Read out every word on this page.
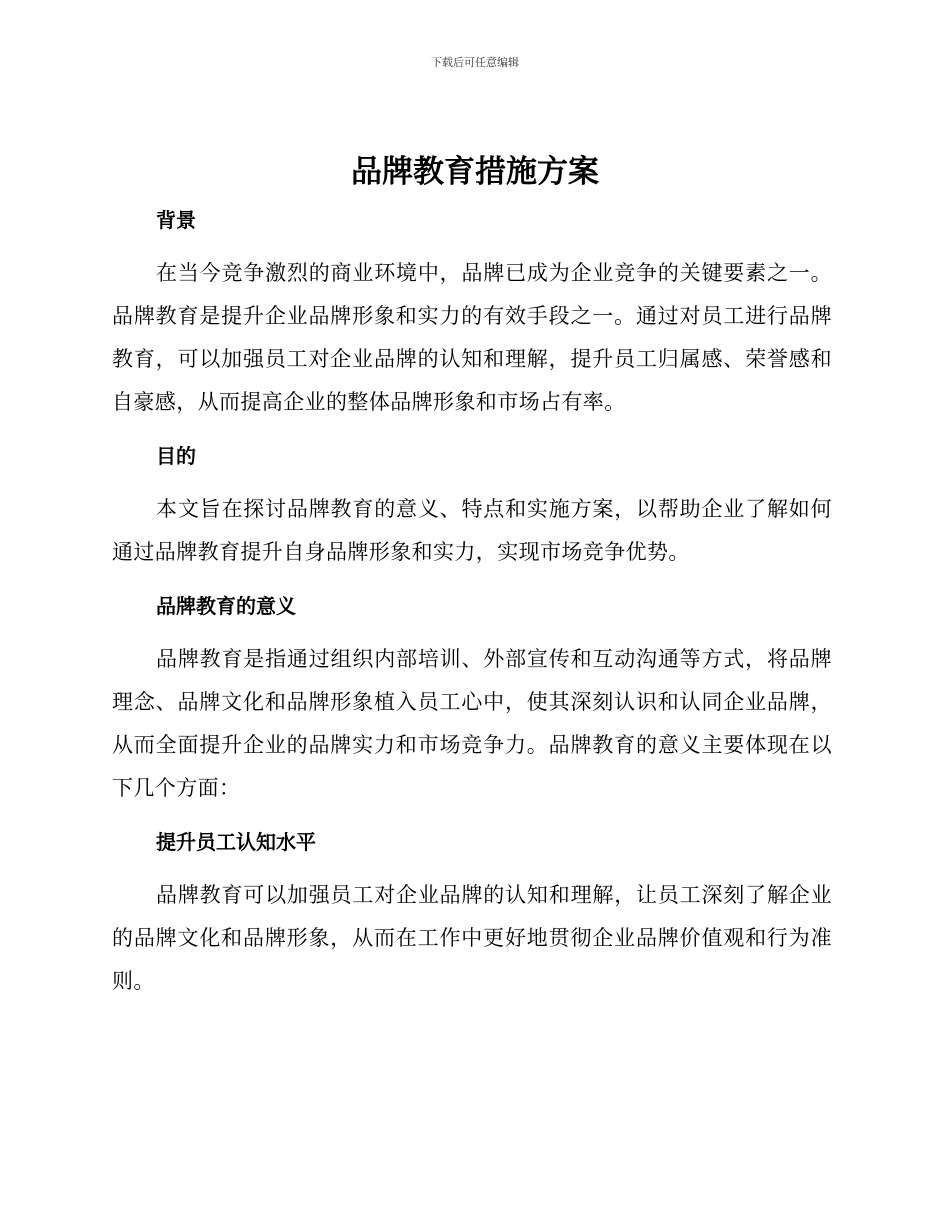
下载后可任意编辑
品牌教育措施方案
背景

在当今竞争激烈的商业环境中，品牌已成为企业竞争的关键要素之一。品牌教育是提升企业品牌形象和实力的有效手段之一。通过对员工进行品牌教育，可以加强员工对企业品牌的认知和理解，提升员工归属感、荣誉感和自豪感，从而提高企业的整体品牌形象和市场占有率。

目的

本文旨在探讨品牌教育的意义、特点和实施方案，以帮助企业了解如何通过品牌教育提升自身品牌形象和实力，实现市场竞争优势。

品牌教育的意义

品牌教育是指通过组织内部培训、外部宣传和互动沟通等方式，将品牌理念、品牌文化和品牌形象植入员工心中，使其深刻认识和认同企业品牌，从而全面提升企业的品牌实力和市场竞争力。品牌教育的意义主要体现在以下几个方面：

提升员工认知水平

品牌教育可以加强员工对企业品牌的认知和理解，让员工深刻了解企业的品牌文化和品牌形象，从而在工作中更好地贯彻企业品牌价值观和行为准则。
